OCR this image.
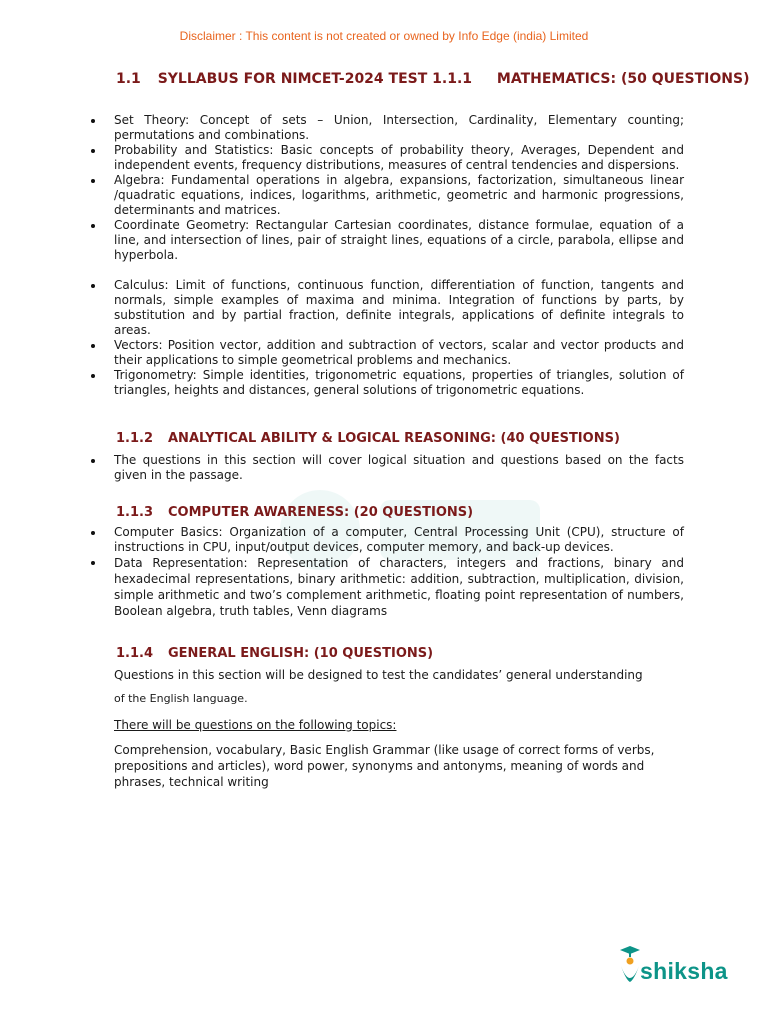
Disclaimer : This content is not created or owned by Info Edge (india) Limited
1.1 SYLLABUS FOR NIMCET-2024 TEST 1.1.1 MATHEMATICS: (50 QUESTIONS)
Set Theory: Concept of sets – Union, Intersection, Cardinality, Elementary counting; permutations and combinations.
Probability and Statistics: Basic concepts of probability theory, Averages, Dependent and independent events, frequency distributions, measures of central tendencies and dispersions.
Algebra: Fundamental operations in algebra, expansions, factorization, simultaneous linear /quadratic equations, indices, logarithms, arithmetic, geometric and harmonic progressions, determinants and matrices.
Coordinate Geometry: Rectangular Cartesian coordinates, distance formulae, equation of a line, and intersection of lines, pair of straight lines, equations of a circle, parabola, ellipse and hyperbola.
Calculus: Limit of functions, continuous function, differentiation of function, tangents and normals, simple examples of maxima and minima. Integration of functions by parts, by substitution and by partial fraction, definite integrals, applications of definite integrals to areas.
Vectors: Position vector, addition and subtraction of vectors, scalar and vector products and their applications to simple geometrical problems and mechanics.
Trigonometry: Simple identities, trigonometric equations, properties of triangles, solution of triangles, heights and distances, general solutions of trigonometric equations.
1.1.2 ANALYTICAL ABILITY & LOGICAL REASONING: (40 QUESTIONS)
The questions in this section will cover logical situation and questions based on the facts given in the passage.
1.1.3 COMPUTER AWARENESS: (20 QUESTIONS)
Computer Basics: Organization of a computer, Central Processing Unit (CPU), structure of instructions in CPU, input/output devices, computer memory, and back-up devices.
Data Representation: Representation of characters, integers and fractions, binary and hexadecimal representations, binary arithmetic: addition, subtraction, multiplication, division, simple arithmetic and two’s complement arithmetic, floating point representation of numbers, Boolean algebra, truth tables, Venn diagrams
1.1.4 GENERAL ENGLISH: (10 QUESTIONS)

Questions in this section will be designed to test the candidates’ general understanding

of the English language.

There will be questions on the following topics:

Comprehension, vocabulary, Basic English Grammar (like usage of correct forms of verbs, prepositions and articles), word power, synonyms and antonyms, meaning of words and phrases, technical writing

shiksha
